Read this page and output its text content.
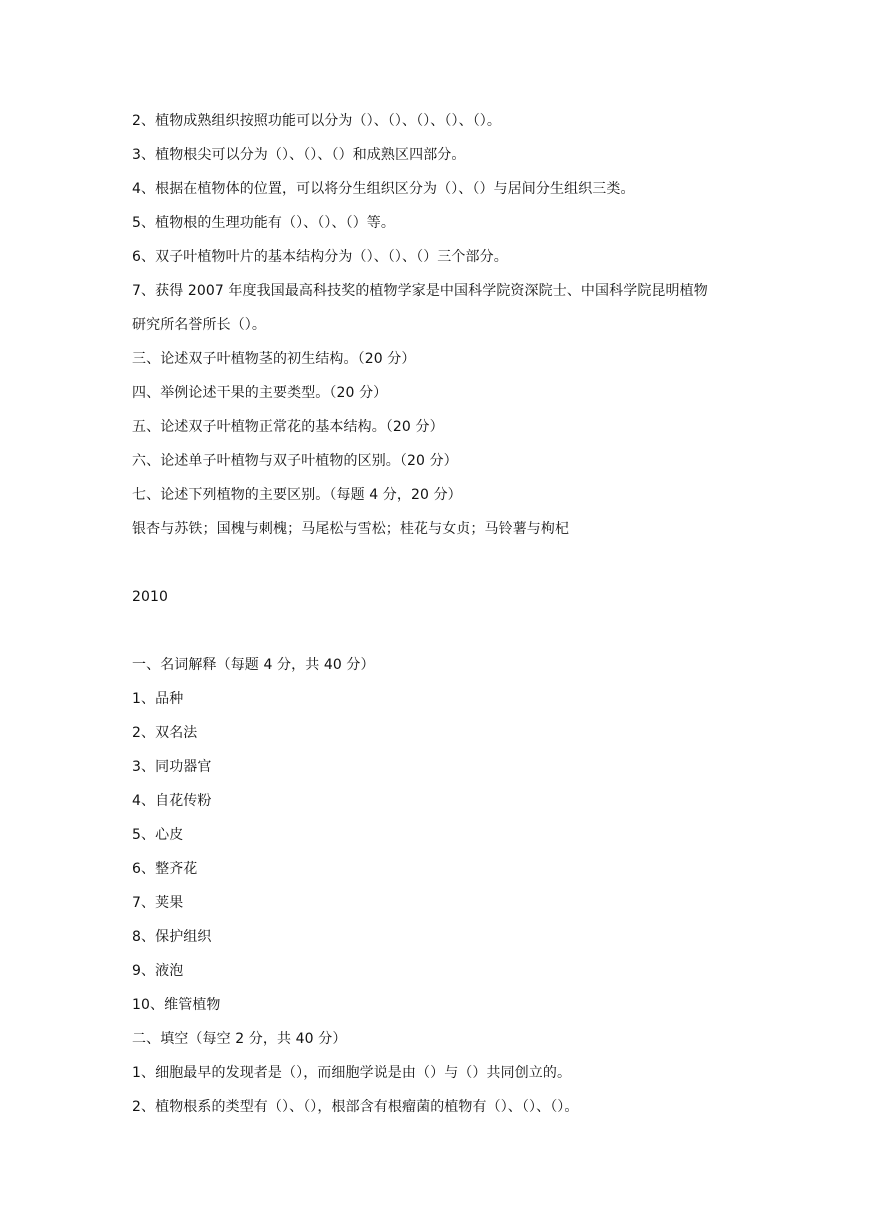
2、植物成熟组织按照功能可以分为（）、（）、（）、（）、（）。
3、植物根尖可以分为（）、（）、（）和成熟区四部分。
4、根据在植物体的位置，可以将分生组织区分为（）、（）与居间分生组织三类。
5、植物根的生理功能有（）、（）、（）等。
6、双子叶植物叶片的基本结构分为（）、（）、（）三个部分。
7、获得 2007 年度我国最高科技奖的植物学家是中国科学院资深院士、中国科学院昆明植物
研究所名誉所长（）。
三、论述双子叶植物茎的初生结构。（20 分）
四、举例论述干果的主要类型。（20 分）
五、论述双子叶植物正常花的基本结构。（20 分）
六、论述单子叶植物与双子叶植物的区别。（20 分）
七、论述下列植物的主要区别。（每题 4 分，20 分）
银杏与苏铁；国槐与刺槐；马尾松与雪松；桂花与女贞；马铃薯与枸杞
2010
一、名词解释（每题 4 分，共 40 分）
1、品种
2、双名法
3、同功器官
4、自花传粉
5、心皮
6、整齐花
7、荚果
8、保护组织
9、液泡
10、维管植物
二、填空（每空 2 分，共 40 分）
1、细胞最早的发现者是（），而细胞学说是由（）与（）共同创立的。
2、植物根系的类型有（）、（），根部含有根瘤菌的植物有（）、（）、（）。
